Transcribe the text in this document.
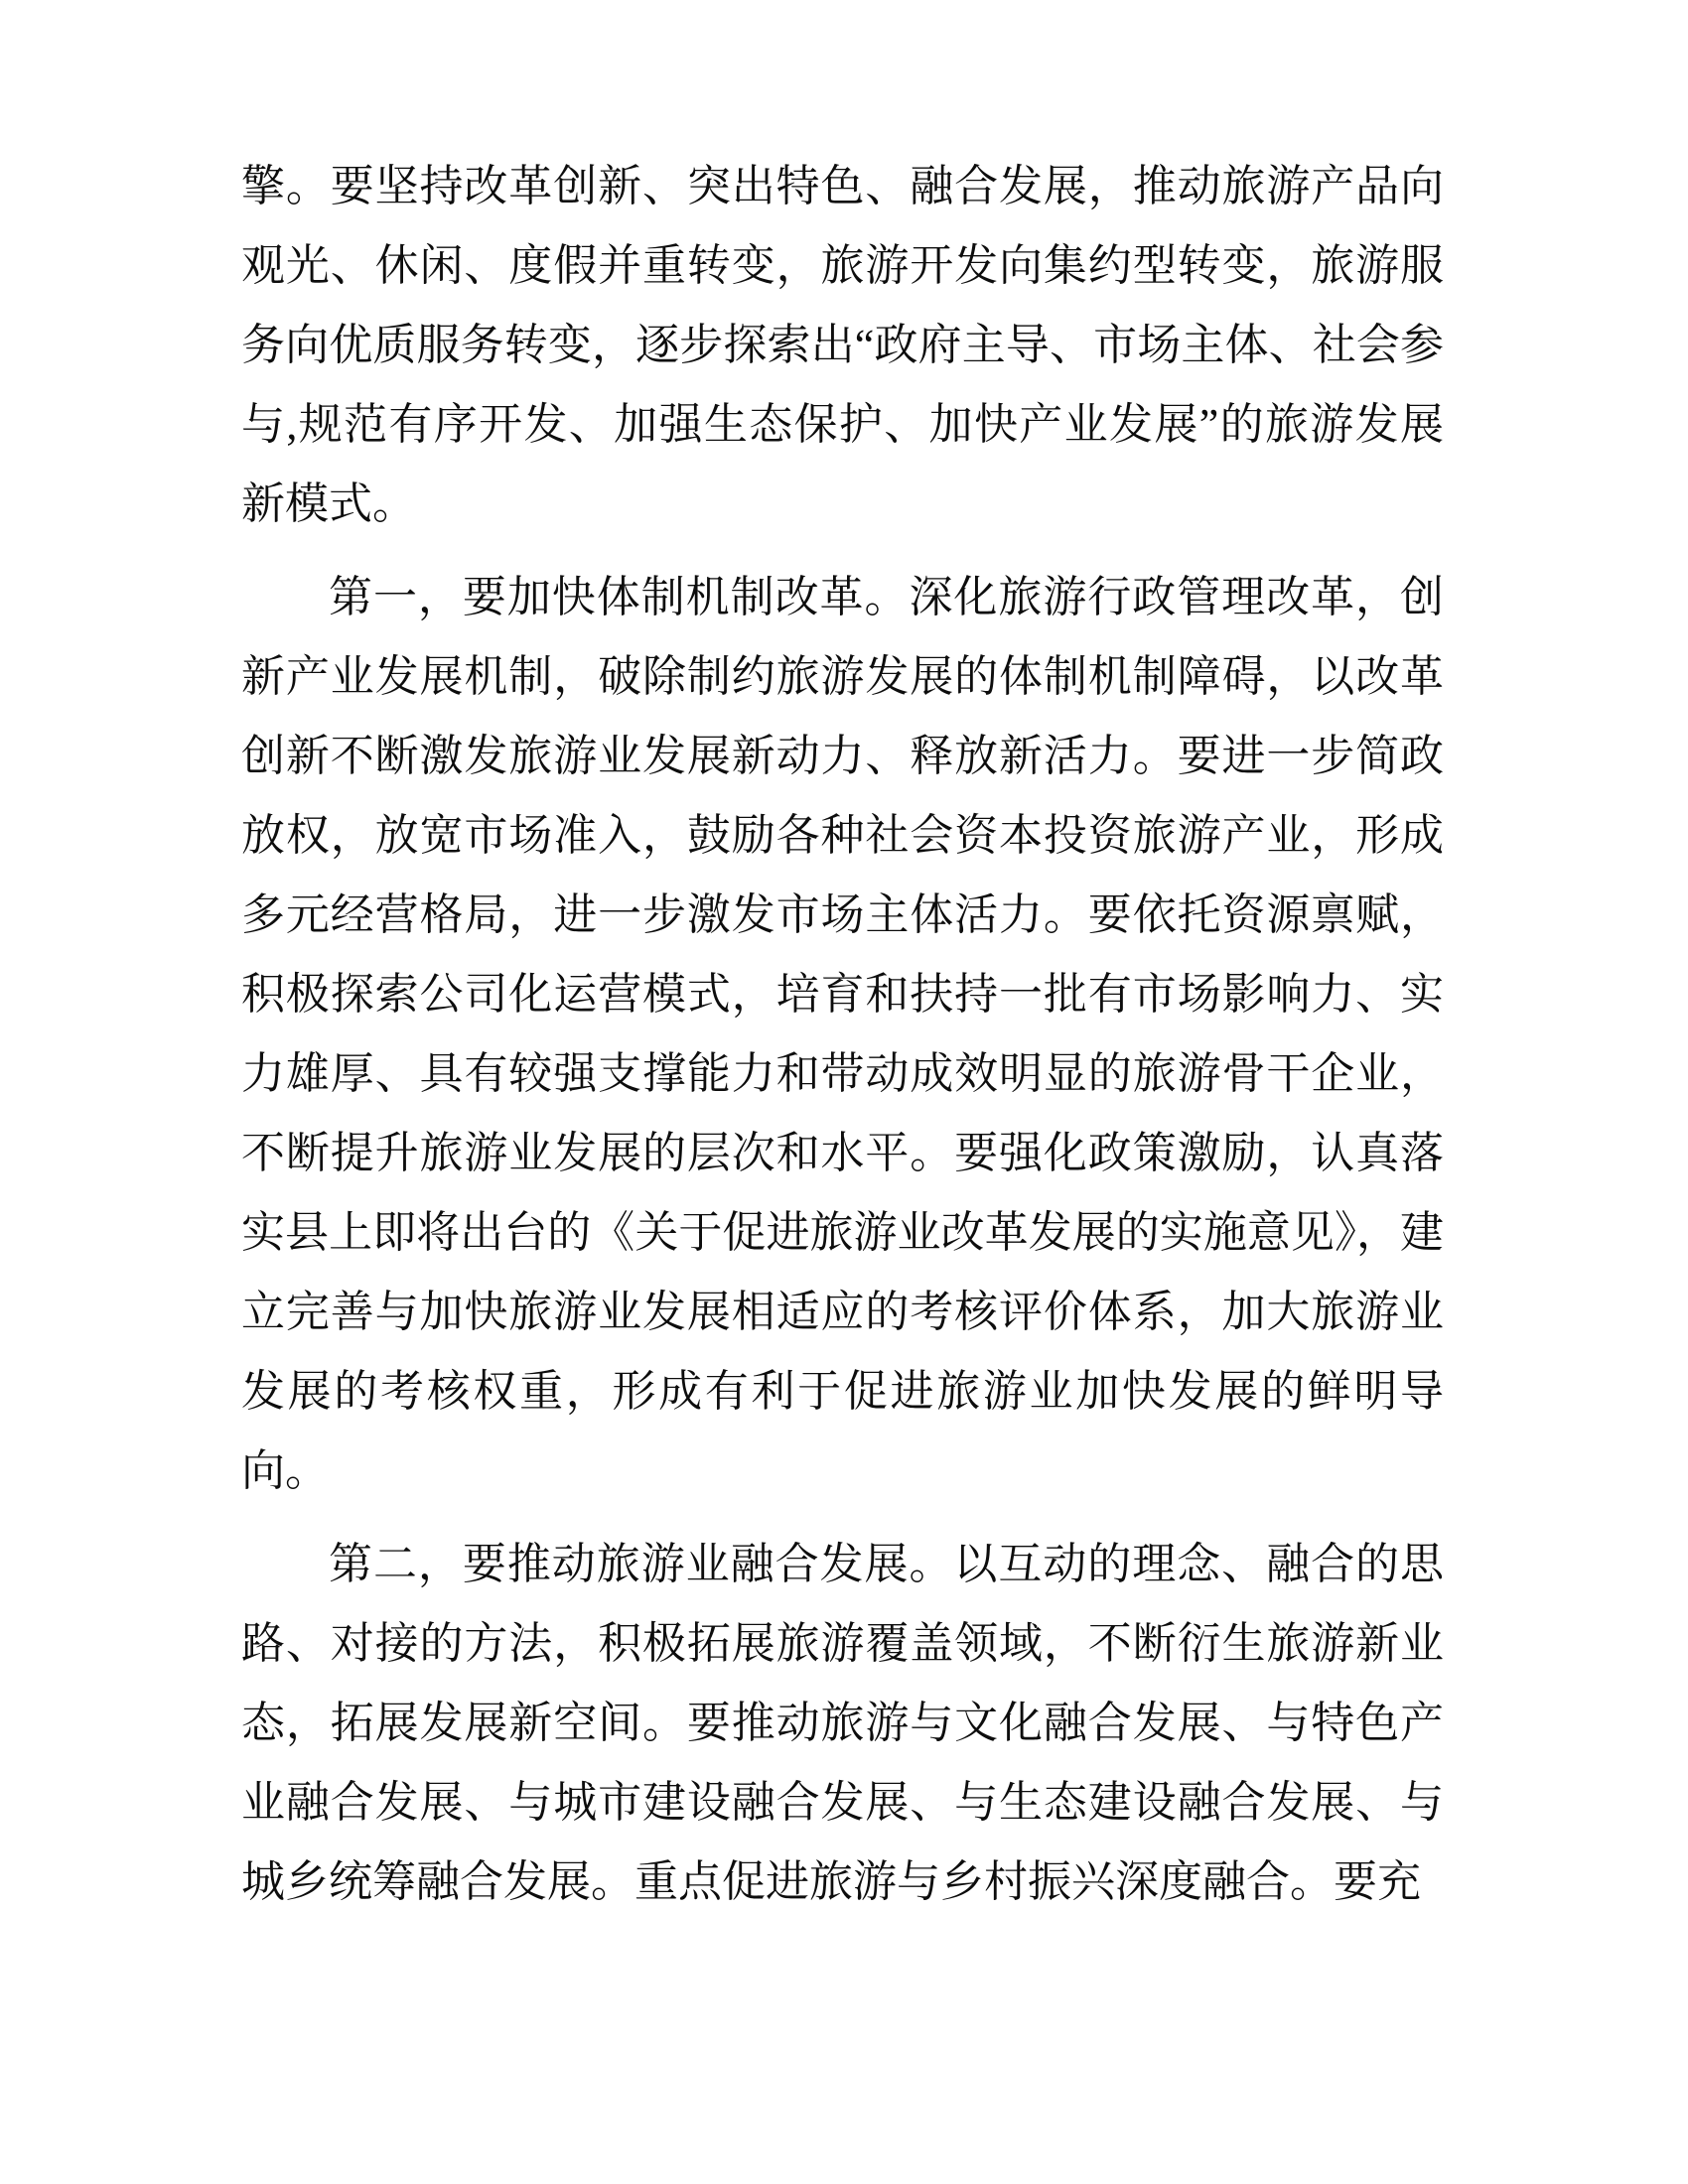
擎。要坚持改革创新、突出特色、融合发展，推动旅游产品向观光、休闲、度假并重转变，旅游开发向集约型转变，旅游服务向优质服务转变，逐步探索出“政府主导、市场主体、社会参与,规范有序开发、加强生态保护、加快产业发展”的旅游发展新模式。

第一，要加快体制机制改革。深化旅游行政管理改革，创新产业发展机制，破除制约旅游发展的体制机制障碍，以改革创新不断激发旅游业发展新动力、释放新活力。要进一步简政放权，放宽市场准入，鼓励各种社会资本投资旅游产业，形成多元经营格局，进一步激发市场主体活力。要依托资源禀赋，积极探索公司化运营模式，培育和扶持一批有市场影响力、实力雄厚、具有较强支撑能力和带动成效明显的旅游骨干企业，不断提升旅游业发展的层次和水平。要强化政策激励，认真落实县上即将出台的《关于促进旅游业改革发展的实施意见》，建立完善与加快旅游业发展相适应的考核评价体系，加大旅游业发展的考核权重，形成有利于促进旅游业加快发展的鲜明导向。

第二，要推动旅游业融合发展。以互动的理念、融合的思路、对接的方法，积极拓展旅游覆盖领域，不断衍生旅游新业态，拓展发展新空间。要推动旅游与文化融合发展、与特色产业融合发展、与城市建设融合发展、与生态建设融合发展、与城乡统筹融合发展。重点促进旅游与乡村振兴深度融合。要充
